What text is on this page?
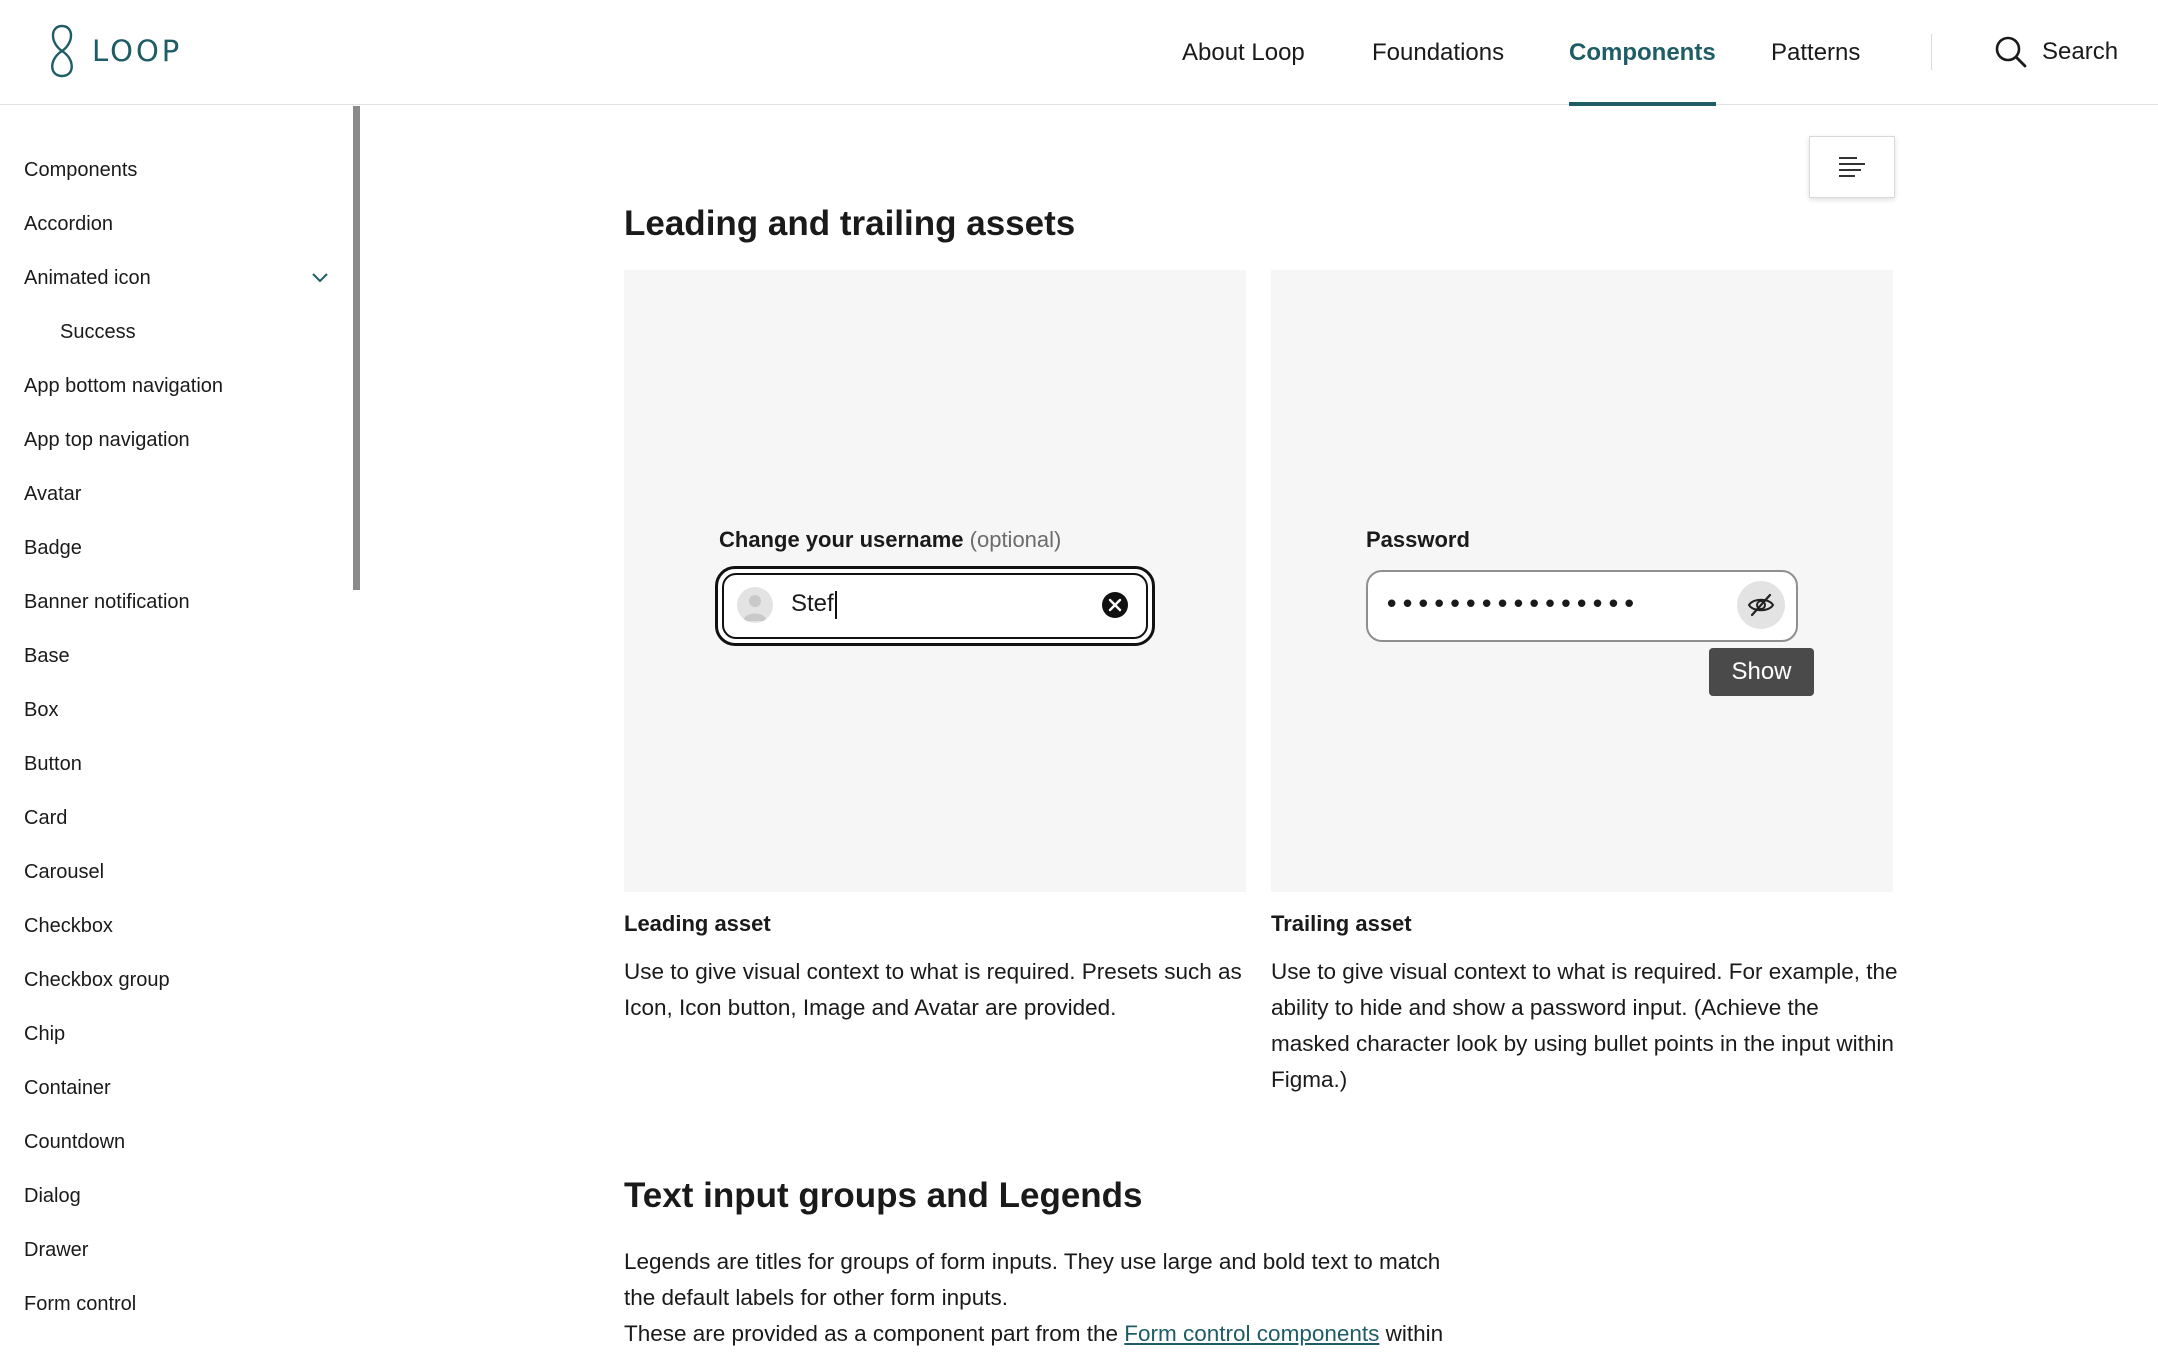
LOOP	About Loop	Foundations	Components Patterns	Search
Components
Accordion
Animated icon
Success
App bottom navigation
App top navigation
Avatar
Badge
Banner notification
Base
Box
Button
Card
Carousel
Checkbox
Checkbox group
Chip
Container
Countdown
Dialog
Drawer
Form control
Leading and trailing assets
Change your username (optional)
Stef
Password
••••••••••••••••
Show
Leading asset

Use to give visual context to what is required. Presets such as Icon, Icon button, Image and Avatar are provided.

Trailing asset

Use to give visual context to what is required. For example, the ability to hide and show a password input. (Achieve the masked character look by using bullet points in the input within Figma.)

Text input groups and Legends

Legends are titles for groups of form inputs. They use large and bold text to match the default labels for other form inputs.

These are provided as a component part from the Form control components within
